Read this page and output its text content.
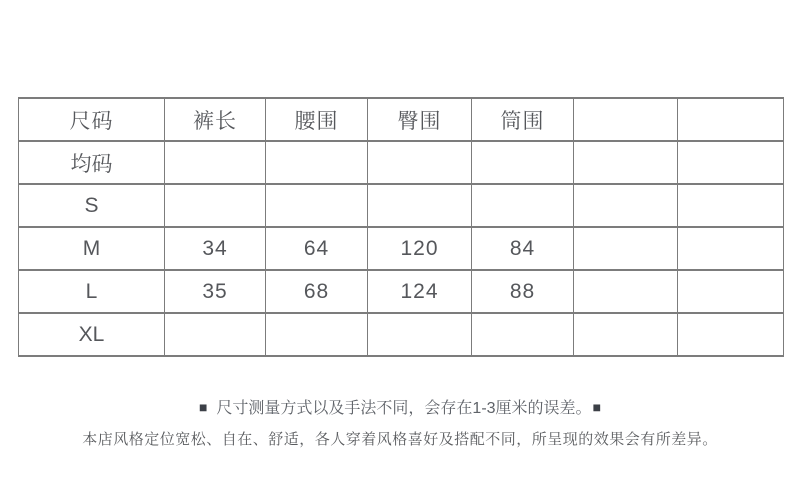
尺码	裤长	腰围	臀围	筒围		
均码						
S						
M	34	64	120	84		
L	35	68	124	88		
XL						
■ 尺寸测量方式以及手法不同，会存在1-3厘米的误差。■
本店风格定位宽松、自在、舒适，各人穿着风格喜好及搭配不同，所呈现的效果会有所差异。
